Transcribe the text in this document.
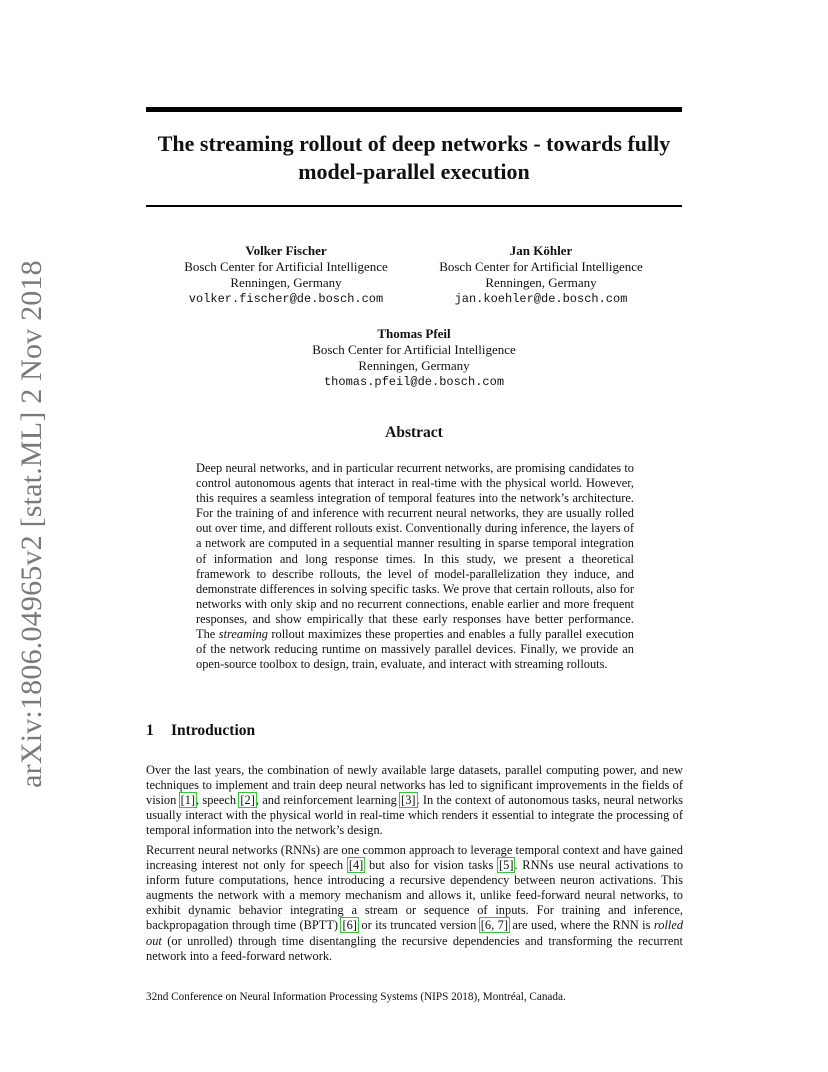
arXiv:1806.04965v2 [stat.ML] 2 Nov 2018
The streaming rollout of deep networks - towards fully model-parallel execution
Volker Fischer
Bosch Center for Artificial Intelligence
Renningen, Germany
volker.fischer@de.bosch.com
Jan Köhler
Bosch Center for Artificial Intelligence
Renningen, Germany
jan.koehler@de.bosch.com
Thomas Pfeil
Bosch Center for Artificial Intelligence
Renningen, Germany
thomas.pfeil@de.bosch.com
Abstract
Deep neural networks, and in particular recurrent networks, are promising candidates to control autonomous agents that interact in real-time with the physical world. However, this requires a seamless integration of temporal features into the network’s architecture. For the training of and inference with recurrent neural networks, they are usually rolled out over time, and different rollouts exist. Conventionally during inference, the layers of a network are computed in a sequential manner resulting in sparse temporal integration of information and long response times. In this study, we present a theoretical framework to describe rollouts, the level of model-parallelization they induce, and demonstrate differences in solving specific tasks. We prove that certain rollouts, also for networks with only skip and no recurrent connections, enable earlier and more frequent responses, and show empirically that these early responses have better performance. The streaming rollout maximizes these properties and enables a fully parallel execution of the network reducing runtime on massively parallel devices. Finally, we provide an open-source toolbox to design, train, evaluate, and interact with streaming rollouts.
1 Introduction

Over the last years, the combination of newly available large datasets, parallel computing power, and new techniques to implement and train deep neural networks has led to significant improvements in the fields of vision [1], speech [2], and reinforcement learning [3]. In the context of autonomous tasks, neural networks usually interact with the physical world in real-time which renders it essential to integrate the processing of temporal information into the network’s design.

Recurrent neural networks (RNNs) are one common approach to leverage temporal context and have gained increasing interest not only for speech [4] but also for vision tasks [5]. RNNs use neural activations to inform future computations, hence introducing a recursive dependency between neuron activations. This augments the network with a memory mechanism and allows it, unlike feed-forward neural networks, to exhibit dynamic behavior integrating a stream or sequence of inputs. For training and inference, backpropagation through time (BPTT) [6] or its truncated version [6, 7] are used, where the RNN is rolled out (or unrolled) through time disentangling the recursive dependencies and transforming the recurrent network into a feed-forward network.

32nd Conference on Neural Information Processing Systems (NIPS 2018), Montréal, Canada.
